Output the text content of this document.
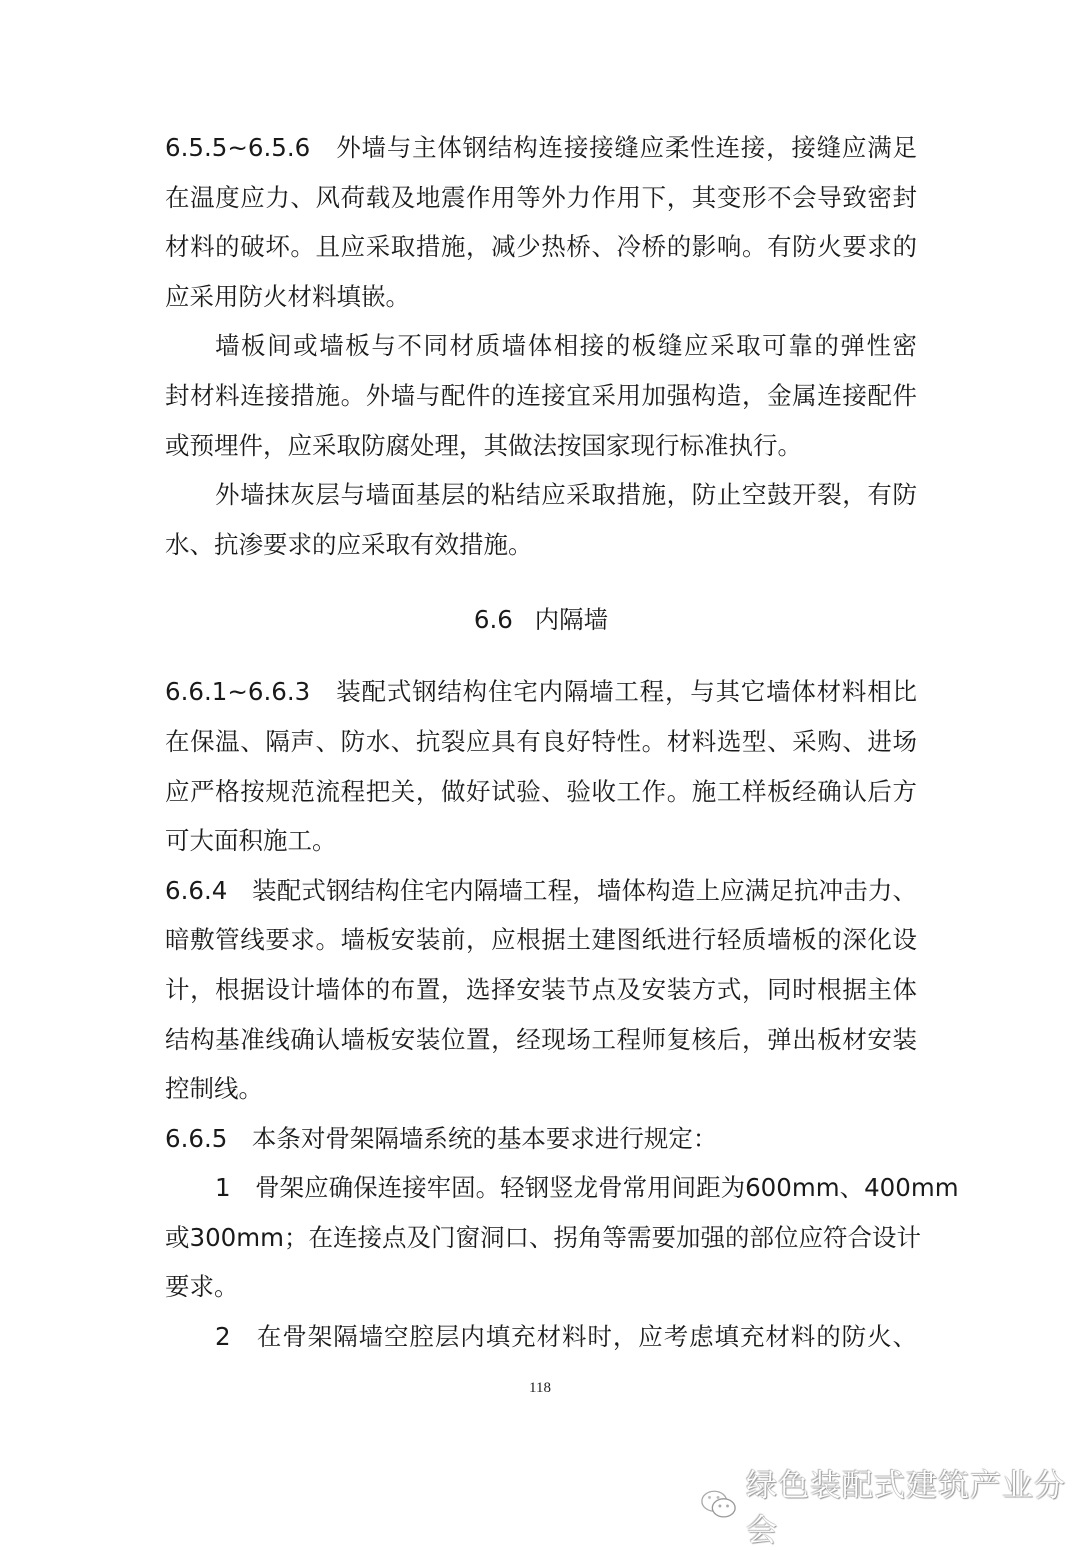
6.5.5~6.5.6　外墙与主体钢结构连接接缝应柔性连接，接缝应满足
在温度应力、风荷载及地震作用等外力作用下，其变形不会导致密封
材料的破坏。且应采取措施，减少热桥、冷桥的影响。有防火要求的
应采用防火材料填嵌。
墙板间或墙板与不同材质墙体相接的板缝应采取可靠的弹性密
封材料连接措施。外墙与配件的连接宜采用加强构造，金属连接配件
或预埋件，应采取防腐处理，其做法按国家现行标准执行。
外墙抹灰层与墙面基层的粘结应采取措施，防止空鼓开裂，有防
水、抗渗要求的应采取有效措施。
6.6 内隔墙
6.6.1~6.6.3　装配式钢结构住宅内隔墙工程，与其它墙体材料相比
在保温、隔声、防水、抗裂应具有良好特性。材料选型、采购、进场
应严格按规范流程把关，做好试验、验收工作。施工样板经确认后方
可大面积施工。
6.6.4　装配式钢结构住宅内隔墙工程，墙体构造上应满足抗冲击力、
暗敷管线要求。墙板安装前，应根据土建图纸进行轻质墙板的深化设
计，根据设计墙体的布置，选择安装节点及安装方式，同时根据主体
结构基准线确认墙板安装位置，经现场工程师复核后，弹出板材安装
控制线。
6.6.5　本条对骨架隔墙系统的基本要求进行规定：
1　骨架应确保连接牢固。轻钢竖龙骨常用间距为600mm、400mm
或300mm；在连接点及门窗洞口、拐角等需要加强的部位应符合设计
要求。
2　在骨架隔墙空腔层内填充材料时，应考虑填充材料的防火、
118
绿色装配式建筑产业分会
